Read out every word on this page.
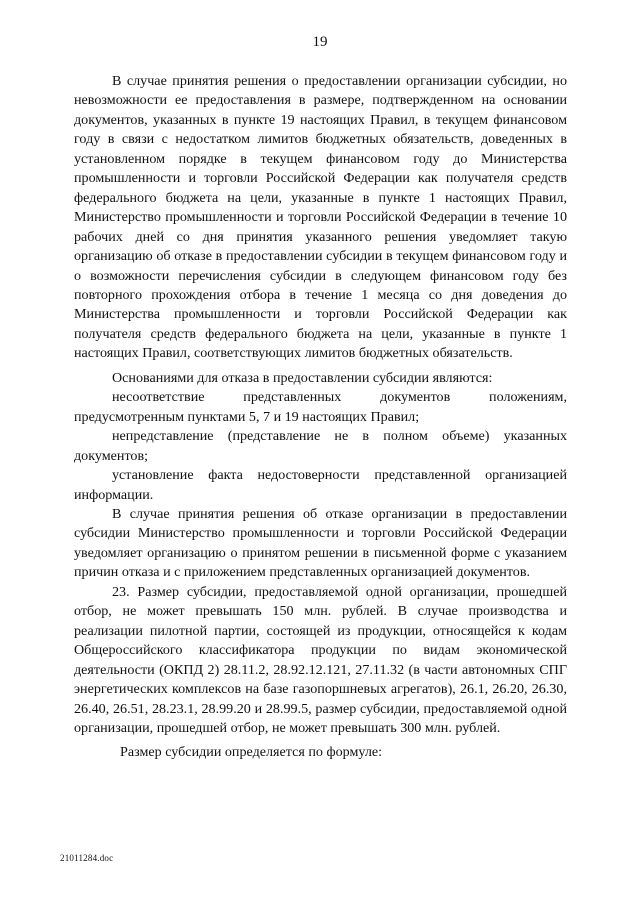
19

В случае принятия решения о предоставлении организации субсидии, но невозможности ее предоставления в размере, подтвержденном на основании документов, указанных в пункте 19 настоящих Правил, в текущем финансовом году в связи с недостатком лимитов бюджетных обязательств, доведенных в установленном порядке в текущем финансовом году до Министерства промышленности и торговли Российской Федерации как получателя средств федерального бюджета на цели, указанные в пункте 1 настоящих Правил, Министерство промышленности и торговли Российской Федерации в течение 10 рабочих дней со дня принятия указанного решения уведомляет такую организацию об отказе в предоставлении субсидии в текущем финансовом году и о возможности перечисления субсидии в следующем финансовом году без повторного прохождения отбора в течение 1 месяца со дня доведения до Министерства промышленности и торговли Российской Федерации как получателя средств федерального бюджета на цели, указанные в пункте 1 настоящих Правил, соответствующих лимитов бюджетных обязательств.

Основаниями для отказа в предоставлении субсидии являются:

несоответствие представленных документов положениям, предусмотренным пунктами 5, 7 и 19 настоящих Правил;

непредставление (представление не в полном объеме) указанных документов;

установление факта недостоверности представленной организацией информации.

В случае принятия решения об отказе организации в предоставлении субсидии Министерство промышленности и торговли Российской Федерации уведомляет организацию о принятом решении в письменной форме с указанием причин отказа и с приложением представленных организацией документов.

23. Размер субсидии, предоставляемой одной организации, прошедшей отбор, не может превышать 150 млн. рублей. В случае производства и реализации пилотной партии, состоящей из продукции, относящейся к кодам Общероссийского классификатора продукции по видам экономической деятельности (ОКПД 2) 28.11.2, 28.92.12.121, 27.11.32 (в части автономных СПГ энергетических комплексов на базе газопоршневых агрегатов), 26.1, 26.20, 26.30, 26.40, 26.51, 28.23.1, 28.99.20 и 28.99.5, размер субсидии, предоставляемой одной организации, прошедшей отбор, не может превышать 300 млн. рублей.

Размер субсидии определяется по формуле:

21011284.doc
